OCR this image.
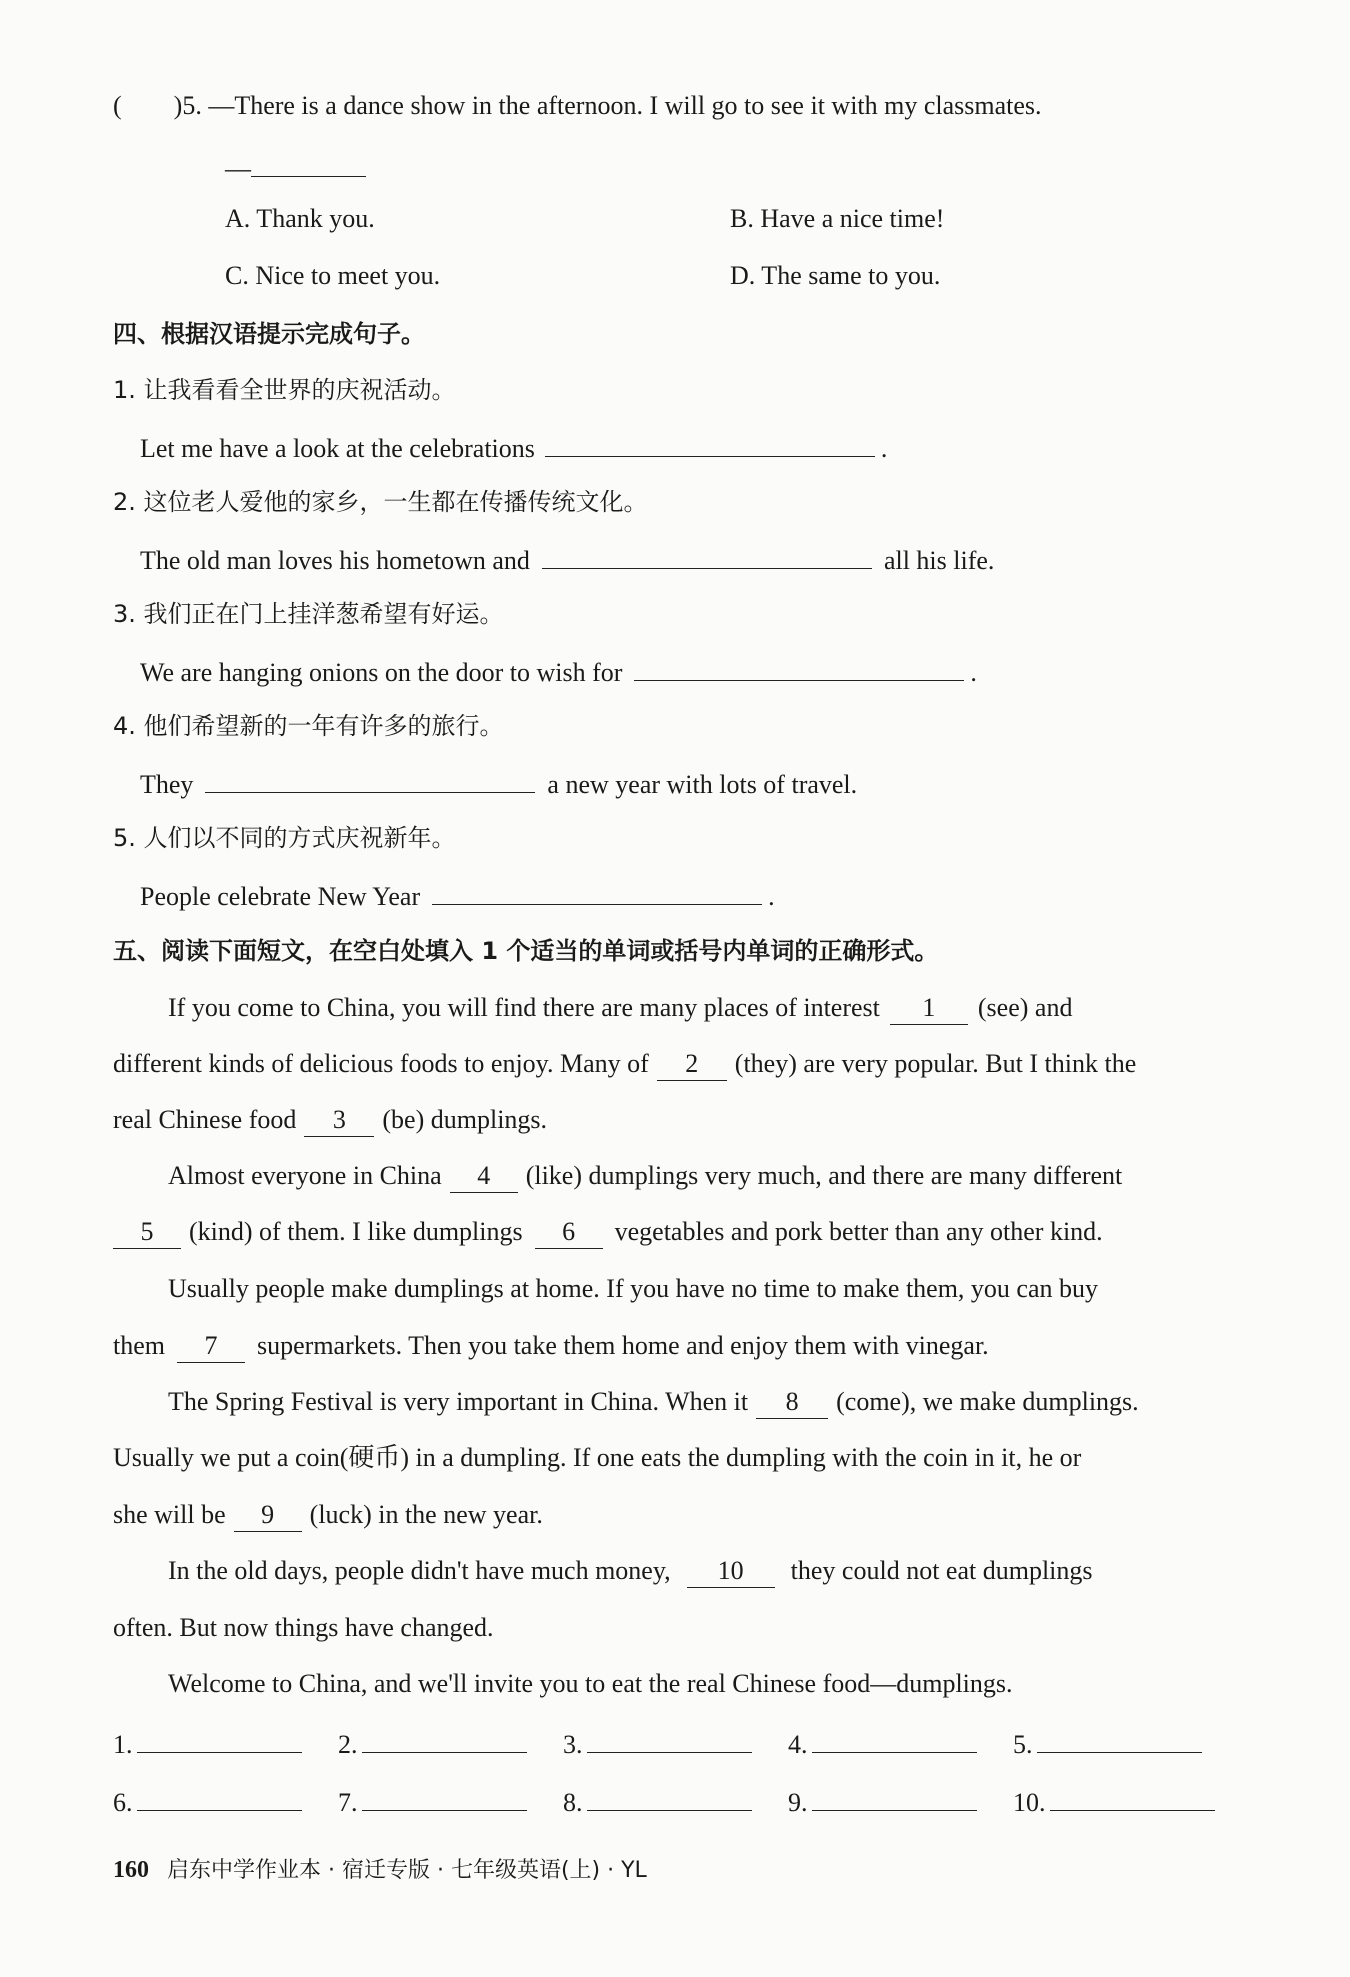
(　　)5. —There is a dance show in the afternoon. I will go to see it with my classmates.
—
A. Thank you.	B. Have a nice time!
C. Nice to meet you.	D. The same to you.
四、根据汉语提示完成句子。
1. 让我看看全世界的庆祝活动。
Let me have a look at the celebrations	.
2. 这位老人爱他的家乡，一生都在传播传统文化。
The old man loves his hometown and	all his life.
3. 我们正在门上挂洋葱希望有好运。
We are hanging onions on the door to wish for	.
4. 他们希望新的一年有许多的旅行。
They	a new year with lots of travel.
5. 人们以不同的方式庆祝新年。
People celebrate New Year	.
五、阅读下面短文，在空白处填入 1 个适当的单词或括号内单词的正确形式。
If you come to China, you will find there are many places of interest 1 (see) and
different kinds of delicious foods to enjoy. Many of 2 (they) are very popular. But I think the
real Chinese food 3 (be) dumplings.
Almost everyone in China 4 (like) dumplings very much, and there are many different
5 (kind) of them. I like dumplings 6 vegetables and pork better than any other kind.
Usually people make dumplings at home. If you have no time to make them, you can buy
them 7 supermarkets. Then you take them home and enjoy them with vinegar.
The Spring Festival is very important in China. When it 8 (come), we make dumplings.
Usually we put a coin(硬币) in a dumpling. If one eats the dumpling with the coin in it, he or
she will be 9 (luck) in the new year.
In the old days, people didn't have much money, 10 they could not eat dumplings
often. But now things have changed.
Welcome to China, and we'll invite you to eat the real Chinese food—dumplings.
1.	2.	3.	4.	5.
6.	7.	8.	9.	10.
160 启东中学作业本 · 宿迁专版 · 七年级英语(上) · YL
